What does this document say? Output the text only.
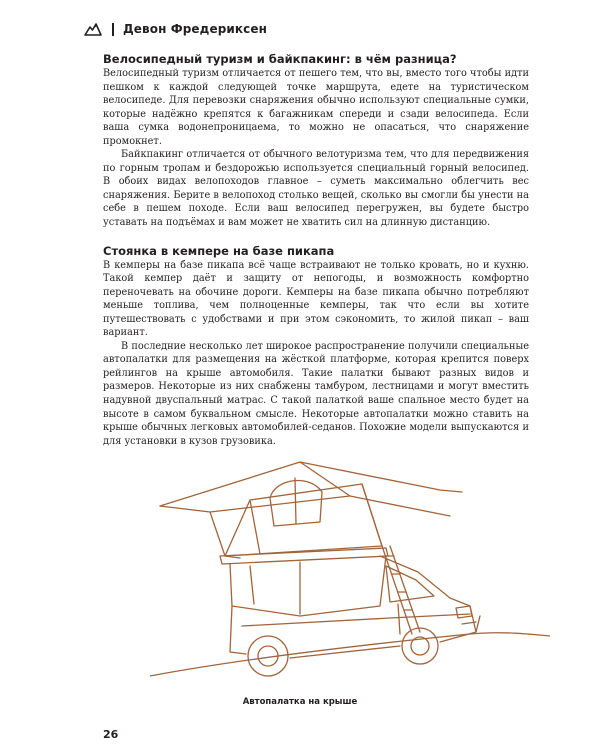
Девон Фредериксен
Велосипедный туризм и байкпакинг: в чём разница?

Велосипедный туризм отличается от пешего тем, что вы, вместо того чтобы идти пешком к каждой следующей точке маршрута, едете на туристическом велосипеде. Для перевозки снаряжения обычно используют специальные сумки, которые надёжно крепятся к багажникам спереди и сзади велосипеда. Если ваша сумка водонепроницаема, то можно не опасаться, что снаряжение промокнет.

Байкпакинг отличается от обычного велотуризма тем, что для передвижения по горным тропам и бездорожью используется специальный горный велосипед. В обоих видах велопоходов главное – суметь максимально облегчить вес снаряжения. Берите в велопоход столько вещей, сколько вы смогли бы унести на себе в пешем походе. Если ваш велосипед перегружен, вы будете быстро уставать на подъёмах и вам может не хватить сил на длинную дистанцию.

Стоянка в кемпере на базе пикапа

В кемперы на базе пикапа всё чаще встраивают не только кровать, но и кухню. Такой кемпер даёт и защиту от непогоды, и возможность комфортно переночевать на обочине дороги. Кемперы на базе пикапа обычно потребляют меньше топлива, чем полноценные кемперы, так что если вы хотите путешествовать с удобствами и при этом сэкономить, то жилой пикап – ваш вариант.

В последние несколько лет широкое распространение получили специальные автопалатки для размещения на жёсткой платформе, которая крепится поверх рейлингов на крыше автомобиля. Такие палатки бывают разных видов и размеров. Некоторые из них снабжены тамбуром, лестницами и могут вместить надувной двуспальный матрас. С такой палаткой ваше спальное место будет на высоте в самом буквальном смысле. Некоторые автопалатки можно ставить на крыше обычных легковых автомобилей-седанов. Похожие модели выпускаются и для установки в кузов грузовика.

Автопалатка на крыше
26
